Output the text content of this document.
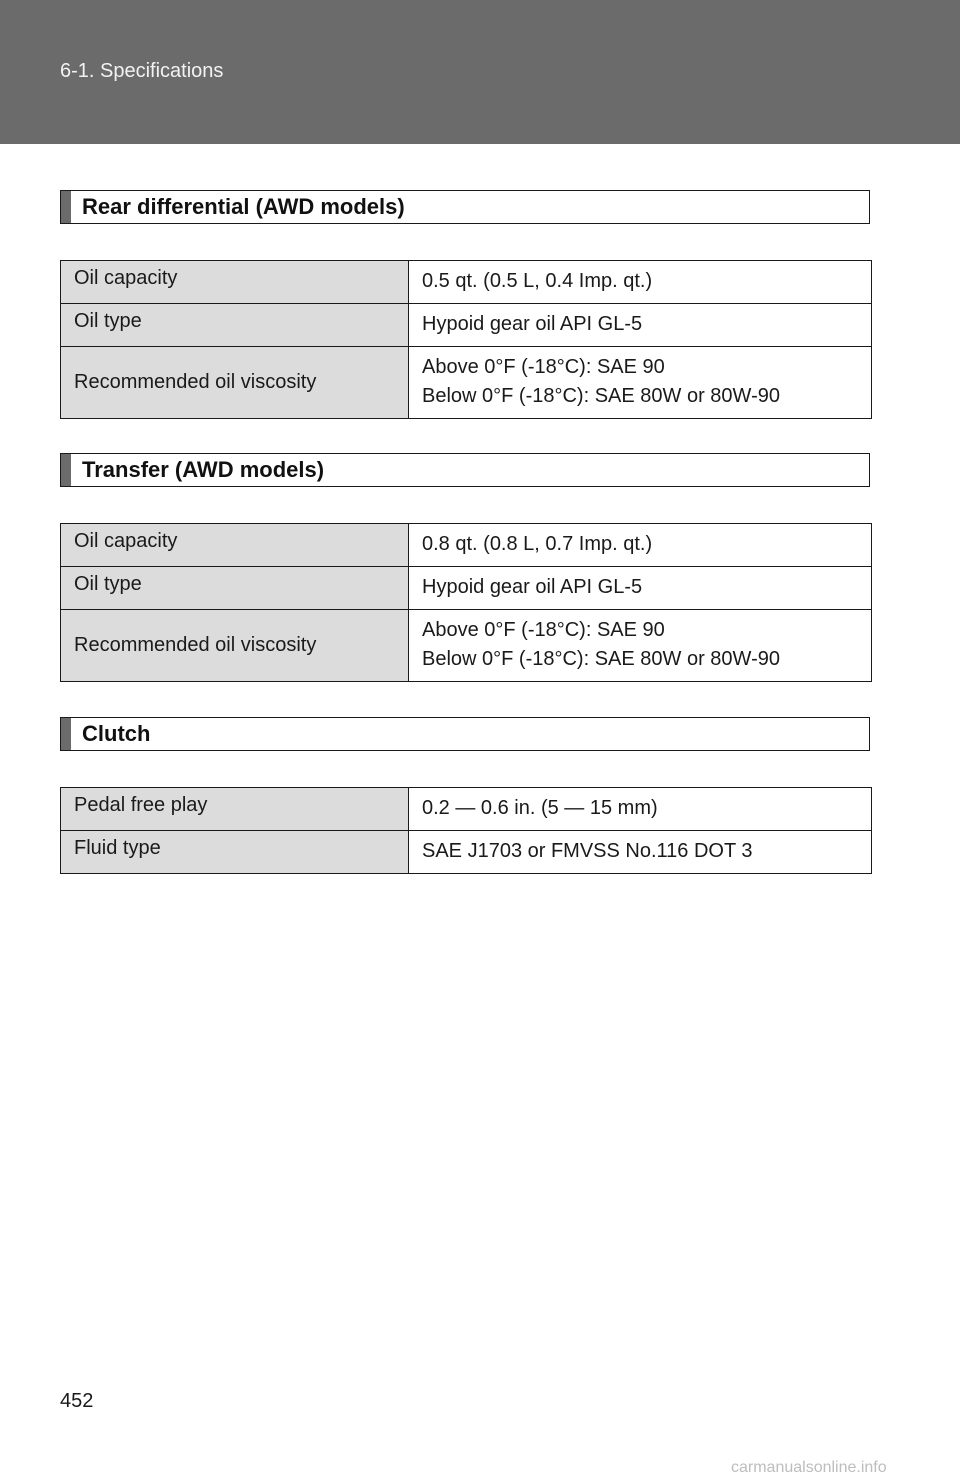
6-1. Specifications
Rear differential (AWD models)
Oil capacity	0.5 qt. (0.5 L, 0.4 Imp. qt.)

Oil type	Hypoid gear oil API GL-5

Recommended oil viscosity	Above 0°F (-18°C): SAE 90
Below 0°F (-18°C): SAE 80W or 80W-90
Transfer (AWD models)
Oil capacity	0.8 qt. (0.8 L, 0.7 Imp. qt.)

Oil type	Hypoid gear oil API GL-5

Recommended oil viscosity	Above 0°F (-18°C): SAE 90
Below 0°F (-18°C): SAE 80W or 80W-90
Clutch
Pedal free play	0.2 — 0.6 in. (5 — 15 mm)

Fluid type	SAE J1703 or FMVSS No.116 DOT 3
452
carmanualsonline.info
